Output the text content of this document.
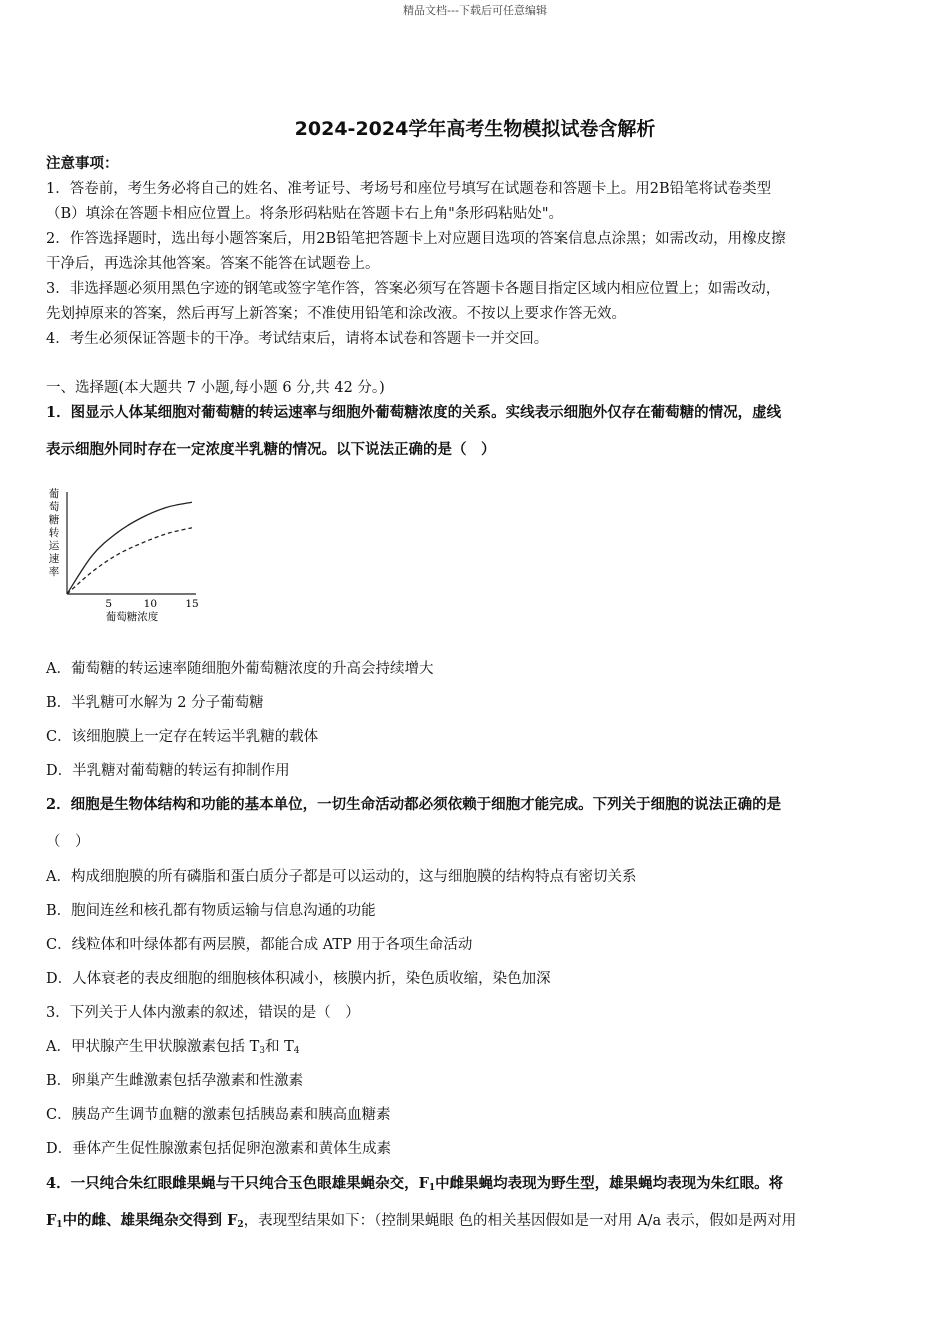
精品文档---下载后可任意编辑
2024-2024学年高考生物模拟试卷含解析
注意事项：
1．答卷前，考生务必将自己的姓名、准考证号、考场号和座位号填写在试题卷和答题卡上。用2B铅笔将试卷类型
（B）填涂在答题卡相应位置上。将条形码粘贴在答题卡右上角"条形码粘贴处"。
2．作答选择题时，选出每小题答案后，用2B铅笔把答题卡上对应题目选项的答案信息点涂黑；如需改动，用橡皮擦
干净后，再选涂其他答案。答案不能答在试题卷上。
3．非选择题必须用黑色字迹的钢笔或签字笔作答，答案必须写在答题卡各题目指定区域内相应位置上；如需改动，
先划掉原来的答案，然后再写上新答案；不准使用铅笔和涂改液。不按以上要求作答无效。
4．考生必须保证答题卡的干净。考试结束后，请将本试卷和答题卡一并交回。
一、选择题(本大题共 7 小题,每小题 6 分,共 42 分。)
1．图显示人体某细胞对葡萄糖的转运速率与细胞外葡萄糖浓度的关系。实线表示细胞外仅存在葡萄糖的情况，虚线
表示细胞外同时存在一定浓度半乳糖的情况。以下说法正确的是（　）
葡
萄
糖
转
运
速
率
5	10	15
葡萄糖浓度
A．葡萄糖的转运速率随细胞外葡萄糖浓度的升高会持续增大
B．半乳糖可水解为 2 分子葡萄糖
C．该细胞膜上一定存在转运半乳糖的载体
D．半乳糖对葡萄糖的转运有抑制作用
2．细胞是生物体结构和功能的基本单位，一切生命活动都必须依赖于细胞才能完成。下列关于细胞的说法正确的是
（　）
A．构成细胞膜的所有磷脂和蛋白质分子都是可以运动的，这与细胞膜的结构特点有密切关系
B．胞间连丝和核孔都有物质运输与信息沟通的功能
C．线粒体和叶绿体都有两层膜，都能合成 ATP 用于各项生命活动
D．人体衰老的表皮细胞的细胞核体积减小，核膜内折，染色质收缩，染色加深
3．下列关于人体内激素的叙述，错误的是（　）
A．甲状腺产生甲状腺激素包括 $T_3$和 $T_4$
B．卵巢产生雌激素包括孕激素和性激素
C．胰岛产生调节血糖的激素包括胰岛素和胰高血糖素
D．垂体产生促性腺激素包括促卵泡激素和黄体生成素
4．一只纯合朱红眼雌果蝇与干只纯合玉色眼雄果蝇杂交，$F_1$中雌果蝇均表现为野生型，雄果蝇均表现为朱红眼。将
$F_1$中的雌、雄果绳杂交得到 $F_2$，表现型结果如下：（控制果蝇眼 色的相关基因假如是一对用 A/a 表示，假如是两对用
